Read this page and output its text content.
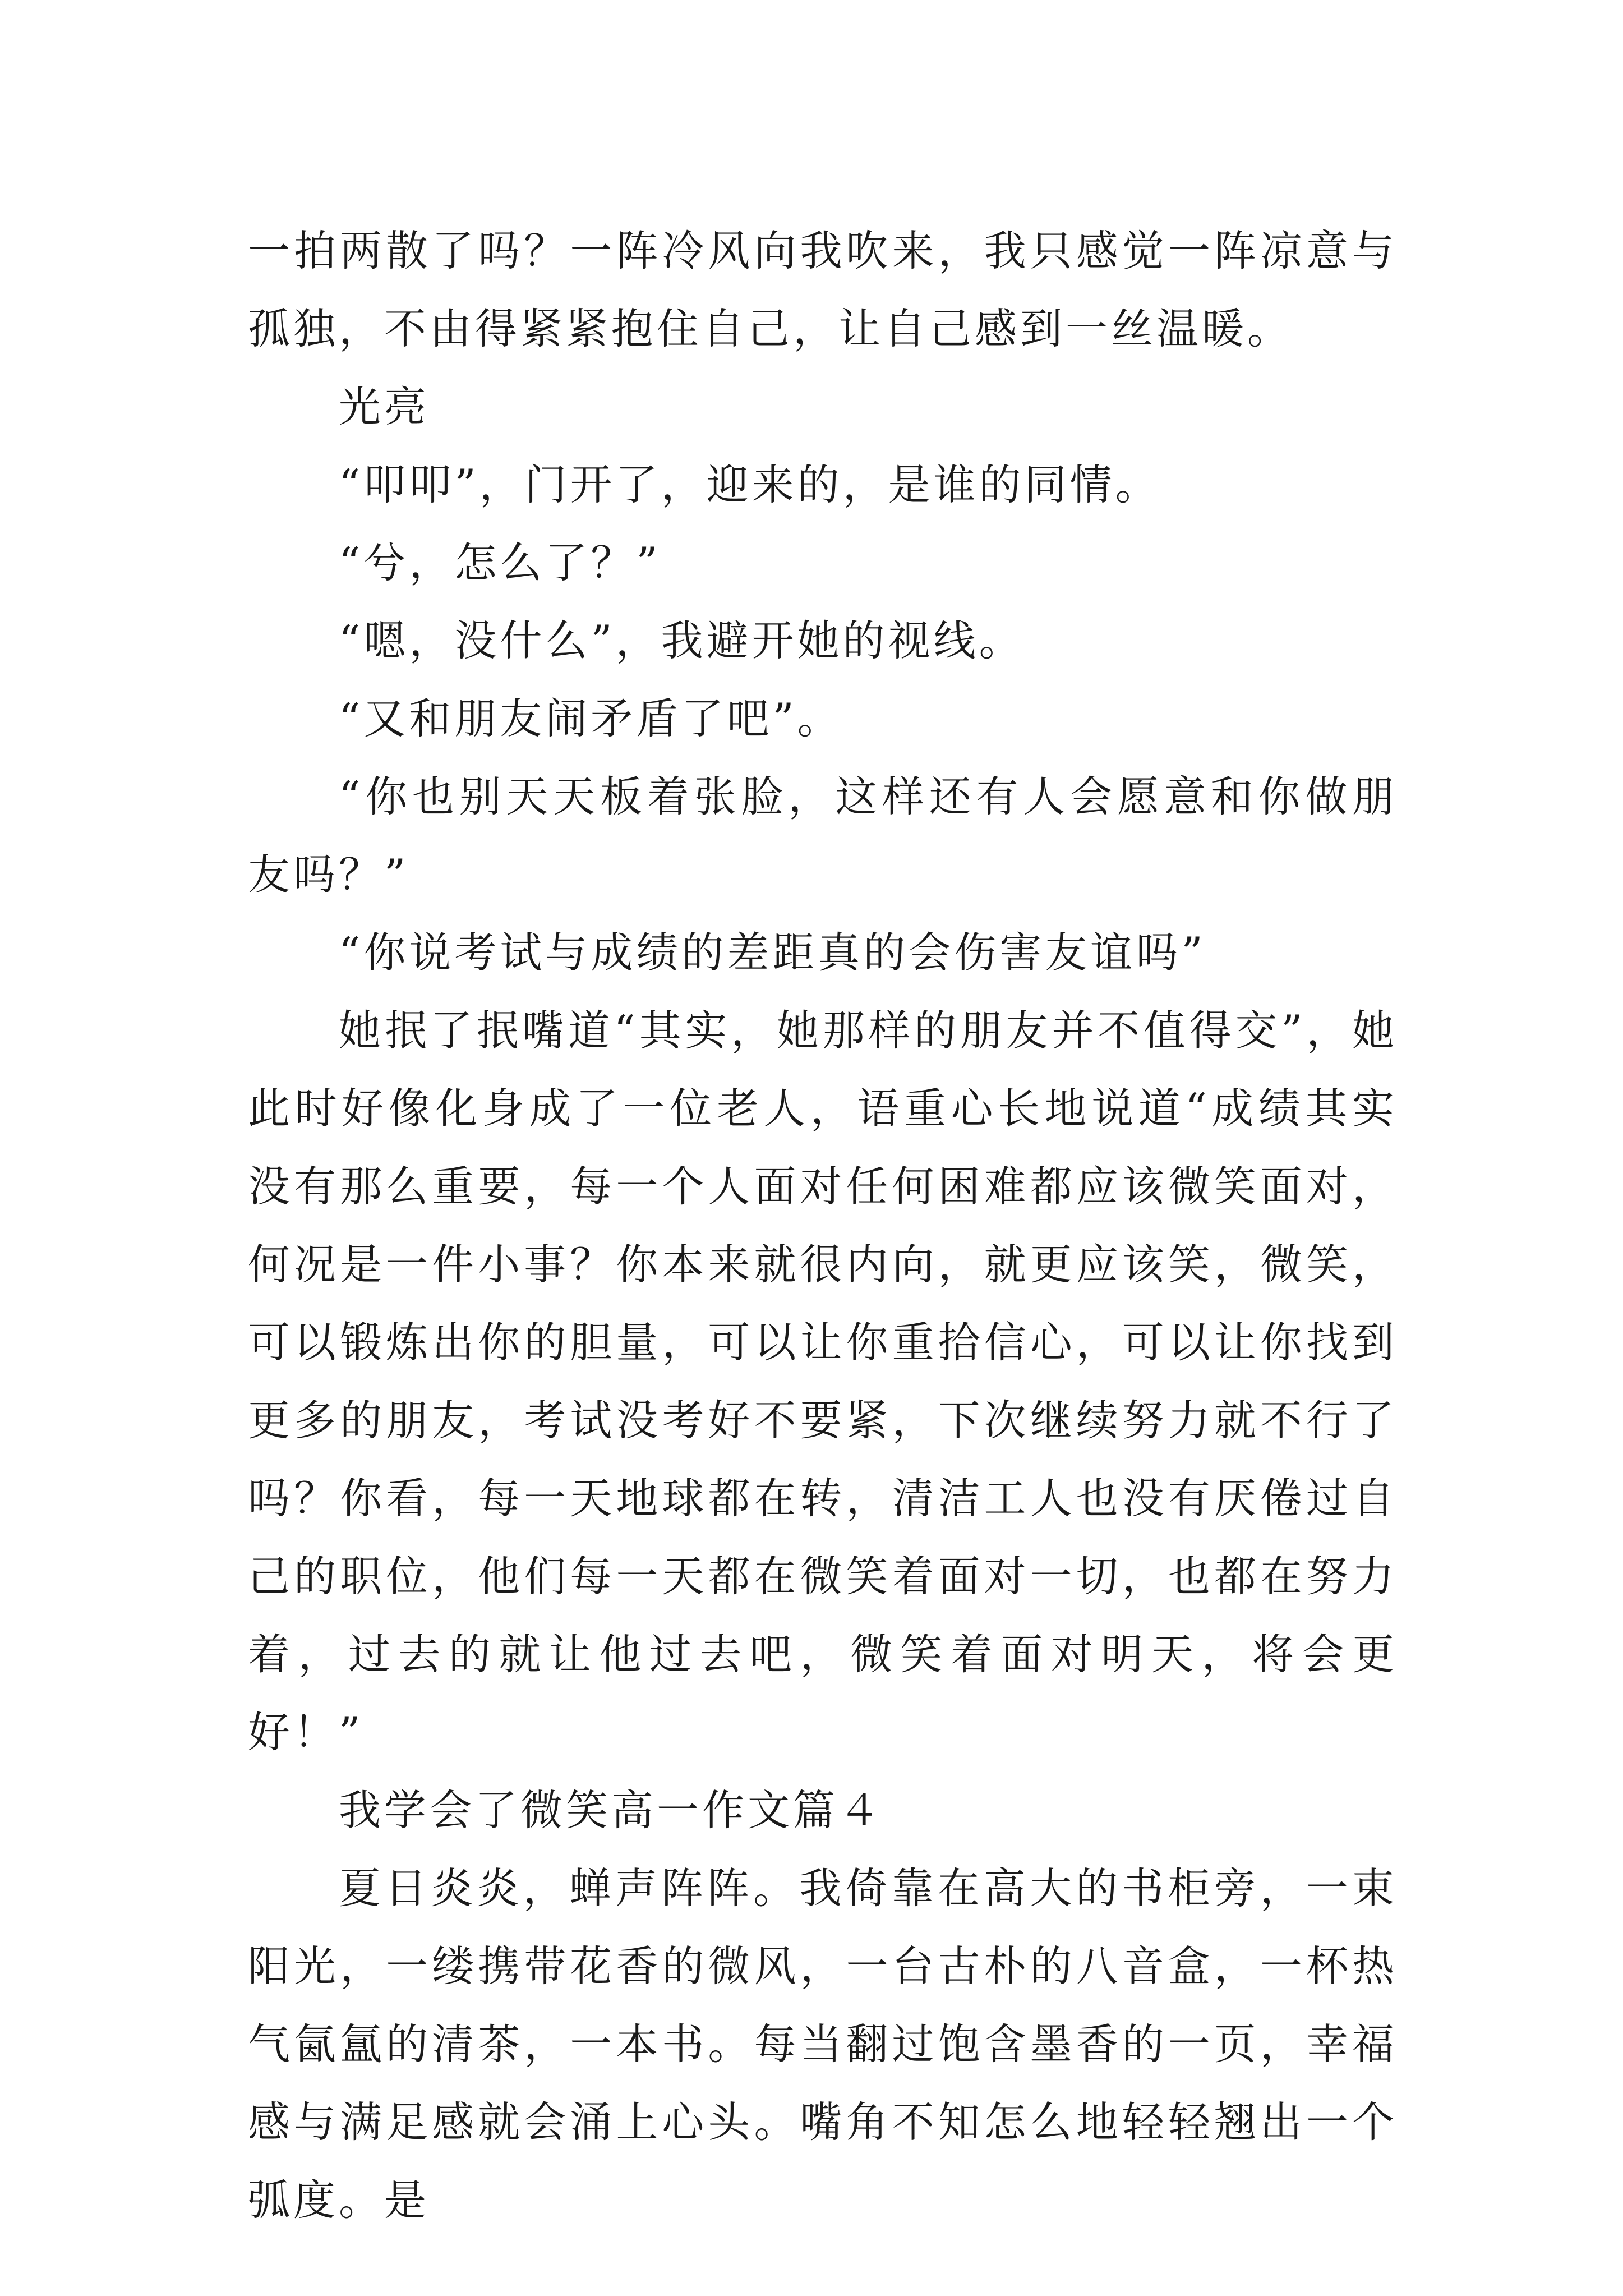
一拍两散了吗？一阵冷风向我吹来，我只感觉一阵凉意与孤独，不由得紧紧抱住自己，让自己感到一丝温暖。

光亮

“叩叩”，门开了，迎来的，是谁的同情。

“兮，怎么了？”

“嗯，没什么”，我避开她的视线。

“又和朋友闹矛盾了吧”。

“你也别天天板着张脸，这样还有人会愿意和你做朋友吗？”

“你说考试与成绩的差距真的会伤害友谊吗”

她抿了抿嘴道“其实，她那样的朋友并不值得交”，她此时好像化身成了一位老人，语重心长地说道“成绩其实没有那么重要，每一个人面对任何困难都应该微笑面对，何况是一件小事？你本来就很内向，就更应该笑，微笑，可以锻炼出你的胆量，可以让你重拾信心，可以让你找到更多的朋友，考试没考好不要紧，下次继续努力就不行了吗？你看，每一天地球都在转，清洁工人也没有厌倦过自己的职位，他们每一天都在微笑着面对一切，也都在努力着，过去的就让他过去吧，微笑着面对明天，将会更好！”

我学会了微笑高一作文篇４

夏日炎炎，蝉声阵阵。我倚靠在高大的书柜旁，一束阳光，一缕携带花香的微风，一台古朴的八音盒，一杯热气氤氲的清茶，一本书。每当翻过饱含墨香的一页，幸福感与满足感就会涌上心头。嘴角不知怎么地轻轻翘出一个弧度。是
